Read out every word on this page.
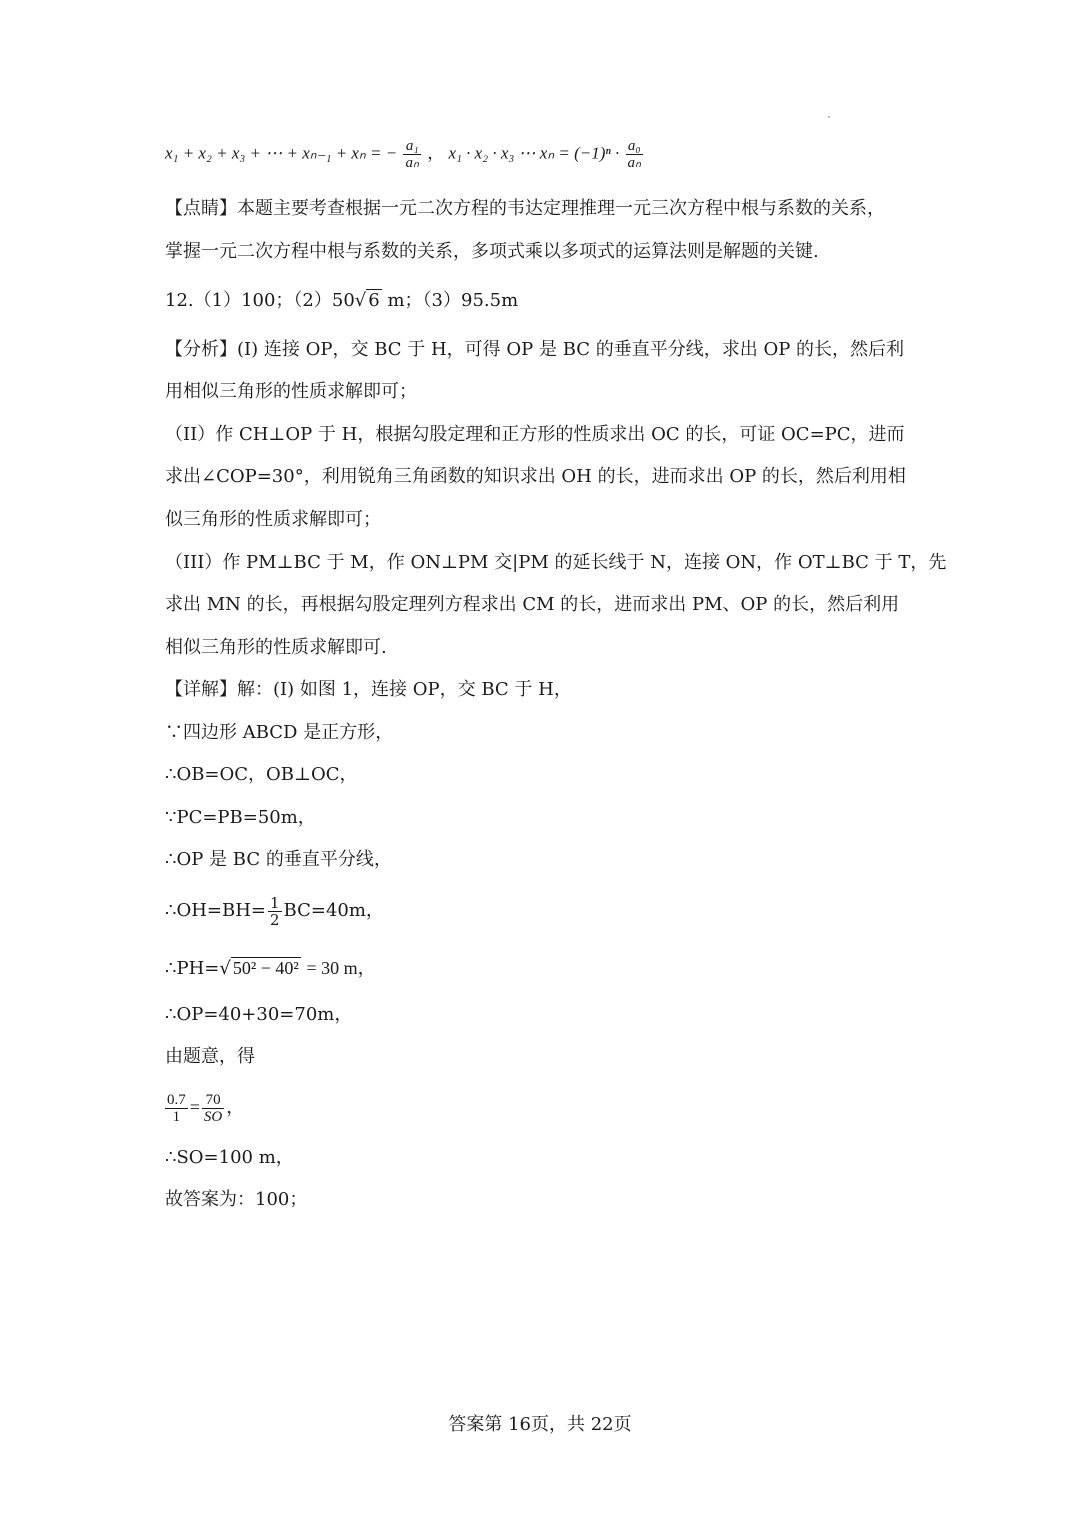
x₁ + x₂ + x₃ + ⋯ + xₙ₋₁ + xₙ = − $\frac{\text{a₁}}{\text{aₙ}}$ ， x₁ · x₂ · x₃ ⋯ $x_n = (-1)^n \cdot \frac{\text{a₀}}{\text{aₙ}}$
【点睛】本题主要考查根据一元二次方程的韦达定理推理一元三次方程中根与系数的关系，
掌握一元二次方程中根与系数的关系，多项式乘以多项式的运算法则是解题的关键.
12.（1）100；（2）50√ 6 m；（3）95.5m
【分析】(I) 连接 OP，交 BC 于 H，可得 OP 是 BC 的垂直平分线，求出 OP 的长，然后利
用相似三角形的性质求解即可；
（II）作 CH⊥OP 于 H，根据勾股定理和正方形的性质求出 OC 的长，可证 OC=PC，进而
求出∠COP=30°，利用锐角三角函数的知识求出 OH 的长，进而求出 OP 的长，然后利用相
似三角形的性质求解即可；
（III）作 PM⊥BC 于 M，作 ON⊥PM 交|PM 的延长线于 N，连接 ON，作 OT⊥BC 于 T，先
求出 MN 的长，再根据勾股定理列方程求出 CM 的长，进而求出 PM、OP 的长，然后利用
相似三角形的性质求解即可.
【详解】解：(I) 如图 1，连接 OP，交 BC 于 H，
∵四边形 ABCD 是正方形，
∴OB=OC，OB⊥OC，
∵PC=PB=50m，
∴OP 是 BC 的垂直平分线，
∴OH=BH= $\frac{1}{2} BC=40m$，
∴PH=√ 50² − 40² = 30 m，
∴OP=40+30=70m，
由题意，得
$\frac{0.7}{1} = \frac{70}{SO}$ ，
∴SO=100 m，
故答案为：100；
答案第 16页，共 22页
